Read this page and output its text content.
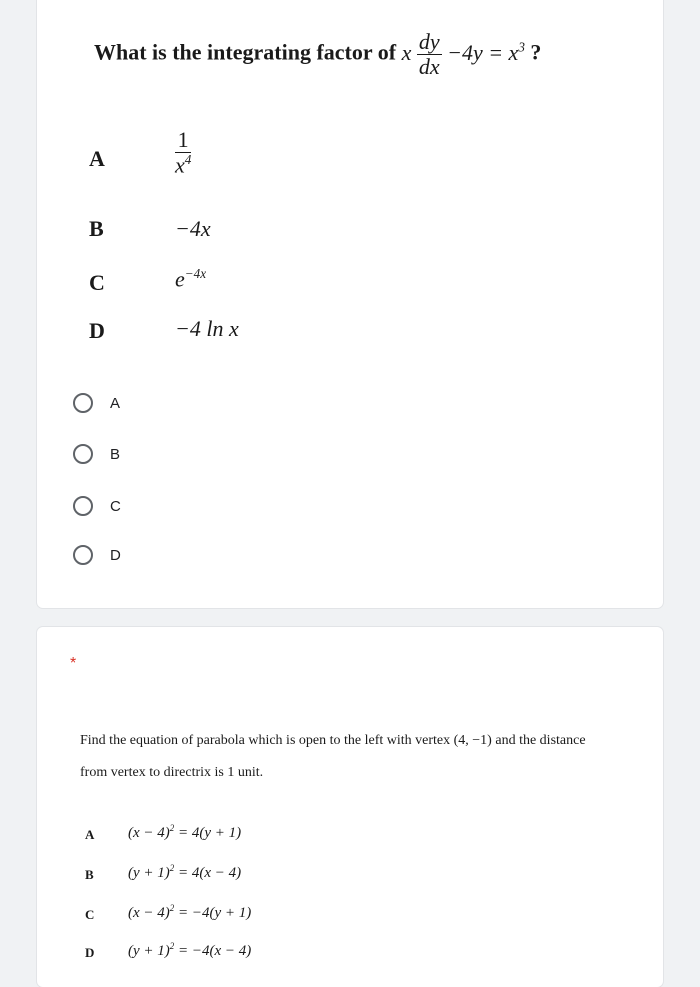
What is the integrating factor of x $\frac{dy}{dx} -4y = x^3$ ?
A	$\frac{1}{x^4}$
B	−4x
C	$e^{-4x}$
D	−4 ln x
A
B
C
D
*
Find the equation of parabola which is open to the left with vertex (4, −1) and the distance
from vertex to directrix is 1 unit.
A $(x - 4)^2 = 4(y + 1)$
B $(y + 1)^2 = 4(x - 4)$
C $(x - 4)^2 = -4(y + 1)$
D $(y + 1)^2 = -4(x - 4)$
